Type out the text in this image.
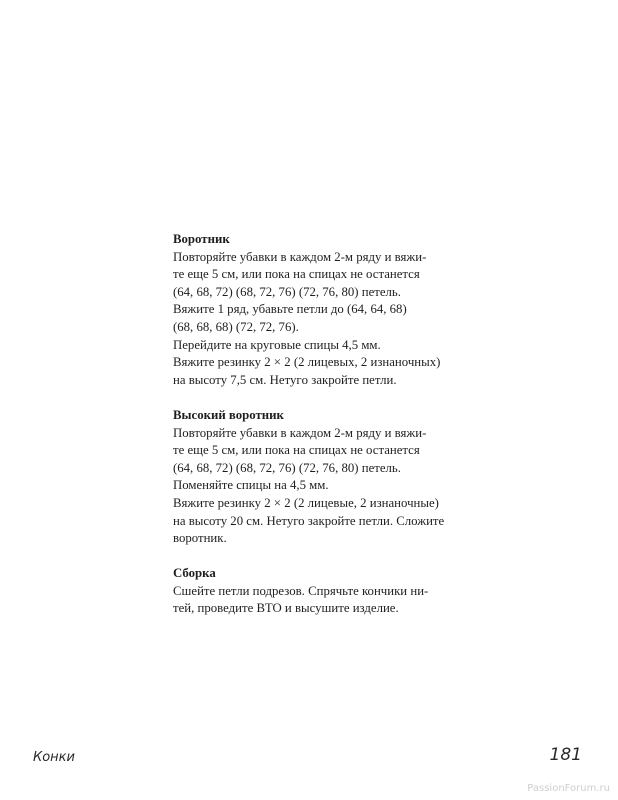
Воротник

Повторяйте убавки в каждом 2-м ряду и вяжи-
те еще 5 см, или пока на спицах не останется
(64, 68, 72) (68, 72, 76) (72, 76, 80) петель.
Вяжите 1 ряд, убавьте петли до (64, 64, 68)
(68, 68, 68) (72, 72, 76).
Перейдите на круговые спицы 4,5 мм.
Вяжите резинку 2 × 2 (2 лицевых, 2 изнаночных)
на высоту 7,5 см. Нетугo закройте петли.

Высокий воротник

Повторяйте убавки в каждом 2-м ряду и вяжи-
те еще 5 см, или пока на спицах не останется
(64, 68, 72) (68, 72, 76) (72, 76, 80) петель.
Поменяйте спицы на 4,5 мм.
Вяжите резинку 2 × 2 (2 лицевые, 2 изнаночные)
на высоту 20 см. Нетуго закройте петли. Сложите
воротник.

Сборка

Сшейте петли подрезов. Спрячьте кончики ни-
тей, проведите ВТО и высушите изделие.

Конки	181
PassionForum.ru
